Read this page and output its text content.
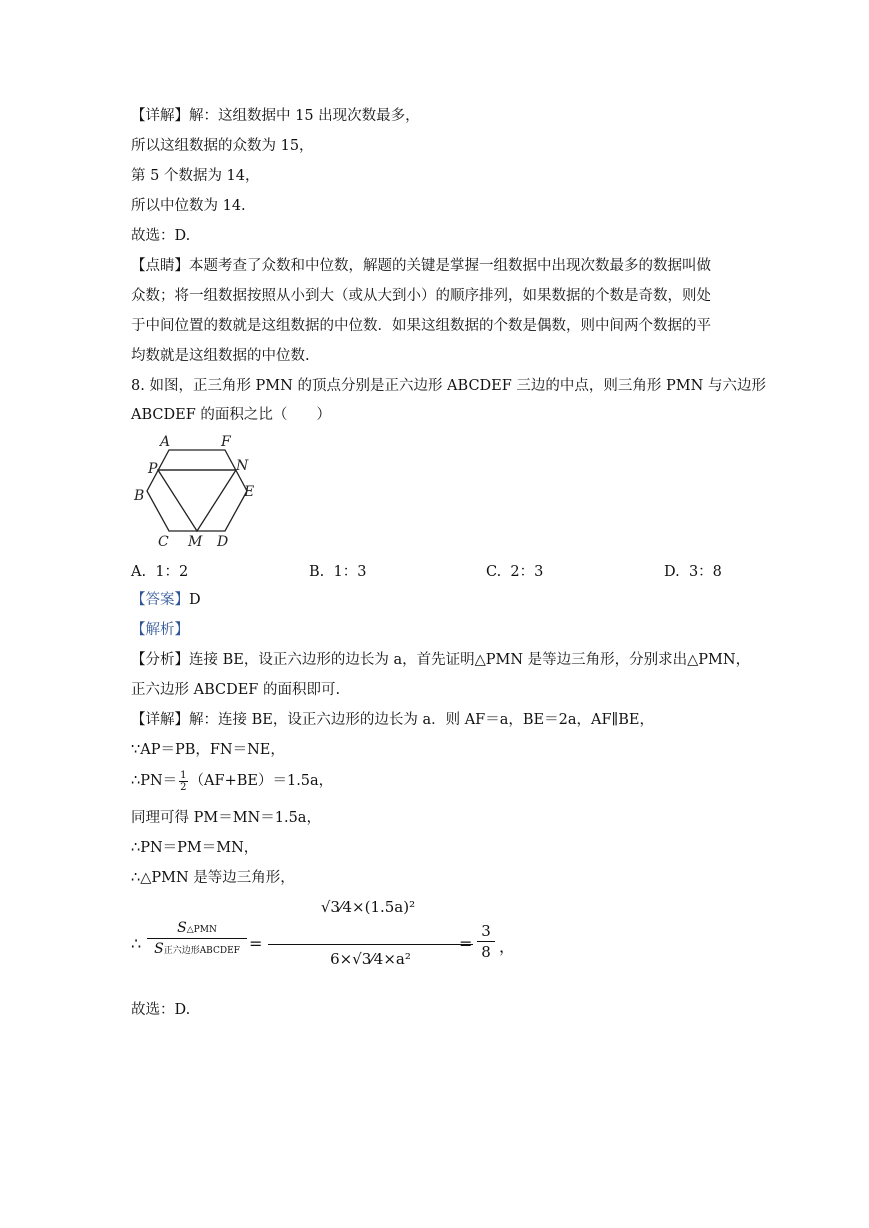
【详解】解：这组数据中 15 出现次数最多，
所以这组数据的众数为 15，
第 5 个数据为 14，
所以中位数为 14.
故选：D.
【点睛】本题考查了众数和中位数，解题的关键是掌握一组数据中出现次数最多的数据叫做
众数；将一组数据按照从小到大（或从大到小）的顺序排列，如果数据的个数是奇数，则处
于中间位置的数就是这组数据的中位数．如果这组数据的个数是偶数，则中间两个数据的平
均数就是这组数据的中位数.
8. 如图，正三角形 PMN 的顶点分别是正六边形 ABCDEF 三边的中点，则三角形 PMN 与六边形
ABCDEF 的面积之比（　　）
A	F
P	N
B	E
C M D
A. 1：2	B. 1：3	C. 2：3	D. 3：8
【答案】D
【解析】
【分析】连接 BE，设正六边形的边长为 a，首先证明△PMN 是等边三角形，分别求出△PMN，
正六边形 ABCDEF 的面积即可.
【详解】解：连接 BE，设正六边形的边长为 a．则 AF＝a，BE＝2a，AF∥BE，
∵AP＝PB，FN＝NE，
∴PN＝ $\frac{1}{2} (AF+BE)=1.5a$，
同理可得 PM＝MN＝1.5a，
∴PN＝PM＝MN，
∴△PMN 是等边三角形，
∴
S△PMN
S正六边形ABCDEF =
√3⁄4×(1.5a)²
6×√3⁄4×a²
=
3
8 ，
故选：D.
